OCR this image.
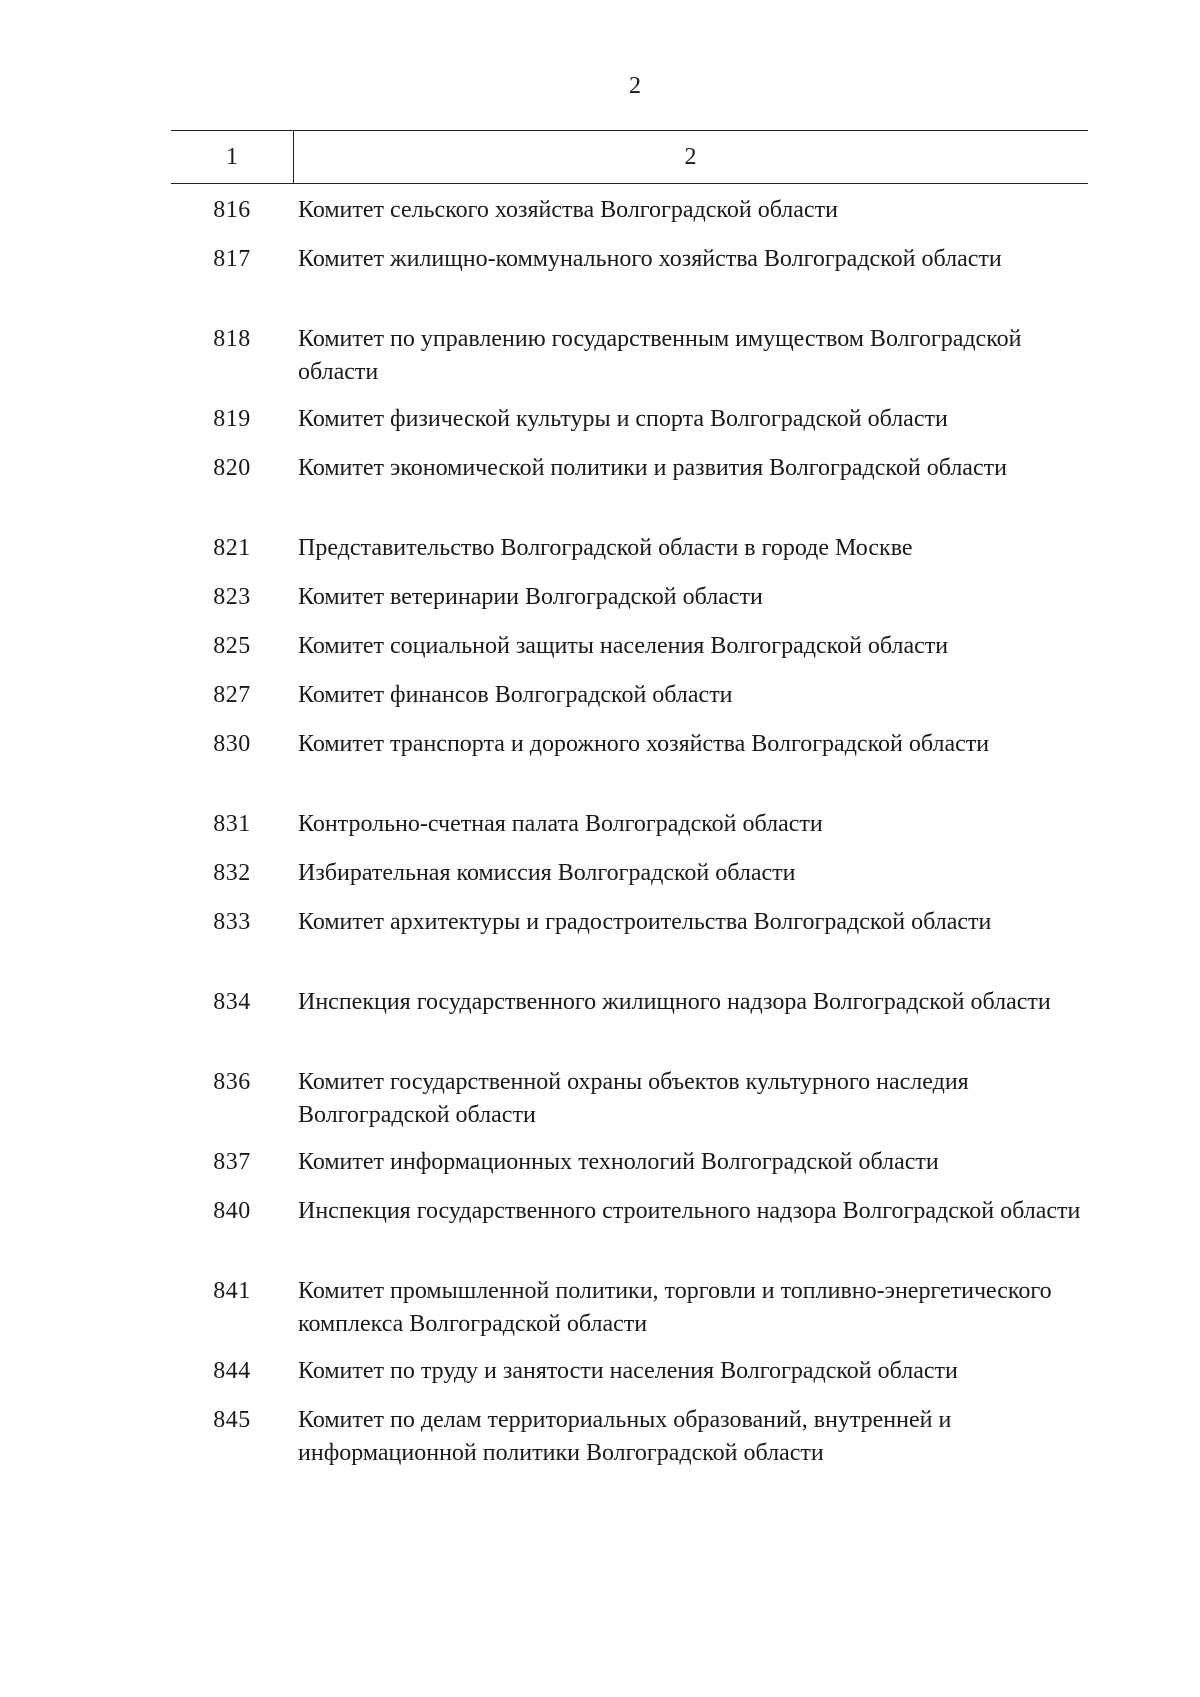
2
1	2
816	Комитет сельского хозяйства Волгоградской области
817	Комитет жилищно-коммунального хозяйства Волгоградской области
818	Комитет по управлению государственным имуществом Волгоградской области
819	Комитет физической культуры и спорта Волгоградской области
820	Комитет экономической политики и развития Волгоградской области
821	Представительство Волгоградской области в городе Москве
823	Комитет ветеринарии Волгоградской области
825	Комитет социальной защиты населения Волгоградской области
827	Комитет финансов Волгоградской области
830	Комитет транспорта и дорожного хозяйства Волгоградской области
831	Контрольно-счетная палата Волгоградской области
832	Избирательная комиссия Волгоградской области
833	Комитет архитектуры и градостроительства Волгоградской области
834	Инспекция государственного жилищного надзора Волгоградской области
836	Комитет государственной охраны объектов культурного наследия Волгоградской области
837	Комитет информационных технологий Волгоградской области
840	Инспекция государственного строительного надзора Волгоградской области
841	Комитет промышленной политики, торговли и топливно-энергетического комплекса Волгоградской области
844	Комитет по труду и занятости населения Волгоградской области
845	Комитет по делам территориальных образований, внутренней и информационной политики Волгоградской области
